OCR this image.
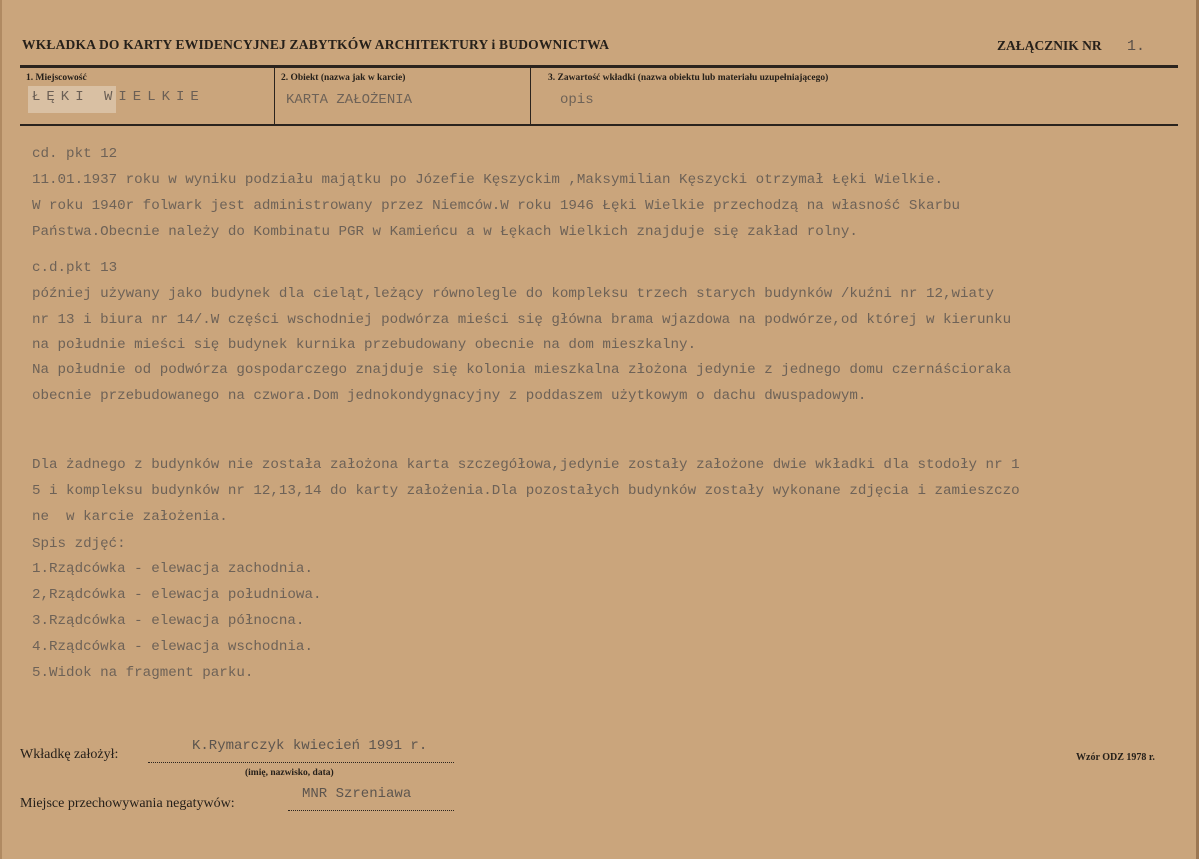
WKŁADKA DO KARTY EWIDENCYJNEJ ZABYTKÓW ARCHITEKTURY i BUDOWNICTWA	ZAŁĄCZNIK NR 1.
1. Miejscowość	2. Obiekt (nazwa jak w karcie)	3. Zawartość wkładki (nazwa obiektu lub materiału uzupełniającego)
ŁĘKI WIELKIE	KARTA ZAŁOŻENIA	opis
cd. pkt 12
11.01.1937 roku w wyniku podziału majątku po Józefie Kęszyckim ,Maksymilian Kęszycki otrzymał Łęki Wielkie.
W roku 1940r folwark jest administrowany przez Niemców.W roku 1946 Łęki Wielkie przechodzą na własność Skarbu
Państwa.Obecnie należy do Kombinatu PGR w Kamieńcu a w Łękach Wielkich znajduje się zakład rolny.
c.d.pkt 13
później używany jako budynek dla cieląt,leżący równolegle do kompleksu trzech starych budynków /kuźni nr 12,wiaty
nr 13 i biura nr 14/.W części wschodniej podwórza mieści się główna brama wjazdowa na podwórze,od której w kierunku
na południe mieści się budynek kurnika przebudowany obecnie na dom mieszkalny.
Na południe od podwórza gospodarczego znajduje się kolonia mieszkalna złożona jedynie z jednego domu czernáściorakа
obecnie przebudowanego na czwora.Dom jednokondygnacyjny z poddaszem użytkowym o dachu dwuspadowym.
Dla żadnego z budynków nie została założona karta szczegółowa,jedynie zostały założone dwie wkładki dla stodoły nr 1
5 i kompleksu budynków nr 12,13,14 do karty założenia.Dla pozostałych budynków zostały wykonane zdjęcia i zamieszczo
ne  w karcie założenia.
Spis zdjęć:
1.Rządcówka - elewacja zachodnia.
2,Rządcówka - elewacja południowa.
3.Rządcówka - elewacja północna.
4.Rządcówka - elewacja wschodnia.
5.Widok na fragment parku.
Wkładkę założył:
K.Rymarczyk kwiecień 1991 r.
(imię, nazwisko, data)
Miejsce przechowywania negatywów:
MNR Szreniawa
Wzór ODZ 1978 r.
